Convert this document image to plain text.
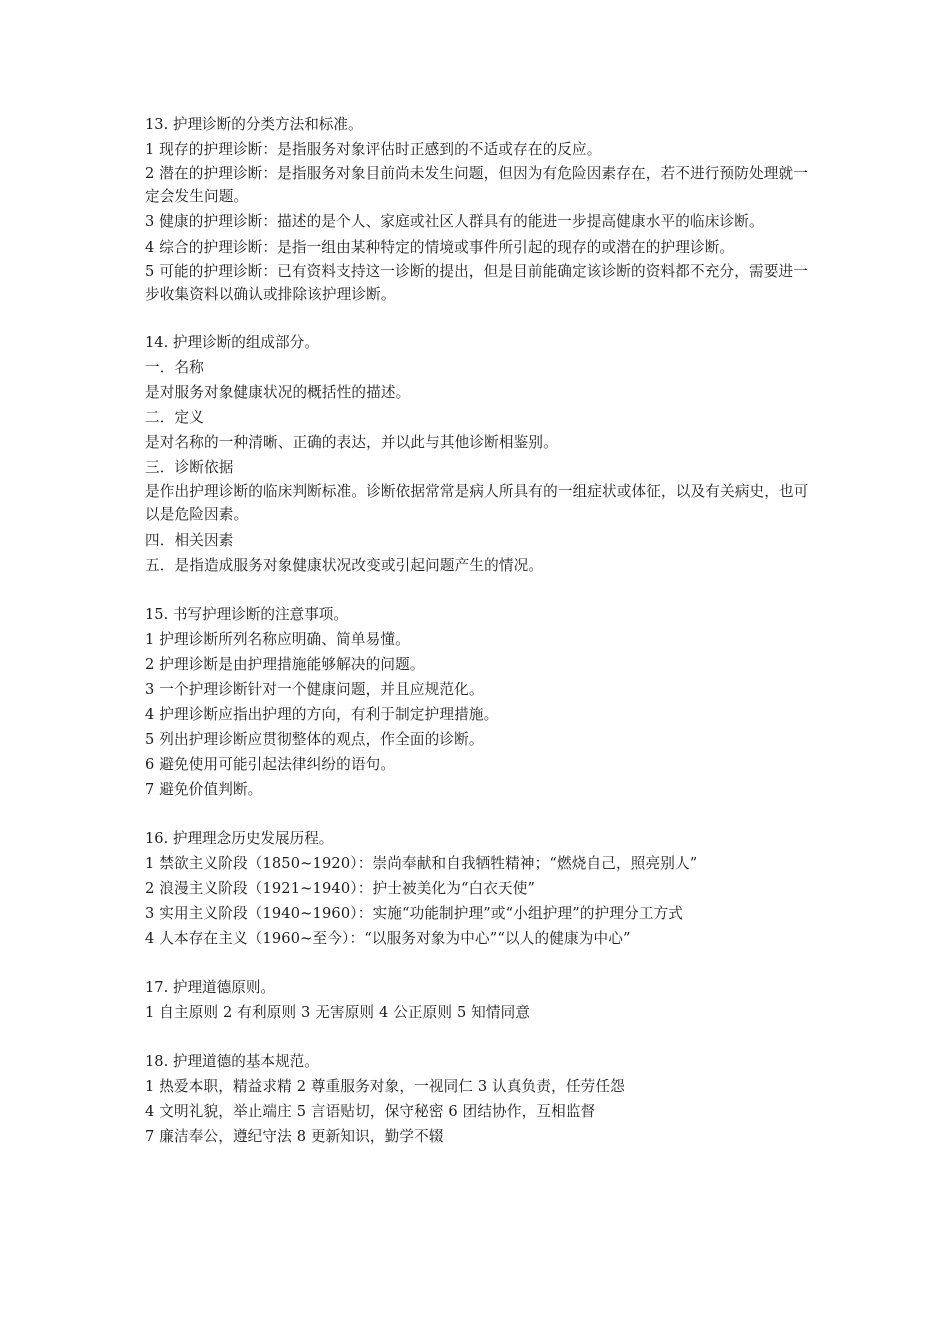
13. 护理诊断的分类方法和标准。
1 现存的护理诊断：是指服务对象评估时正感到的不适或存在的反应。
2 潜在的护理诊断：是指服务对象目前尚未发生问题，但因为有危险因素存在，若不进行预防处理就一定会发生问题。
3 健康的护理诊断：描述的是个人、家庭或社区人群具有的能进一步提高健康水平的临床诊断。
4 综合的护理诊断：是指一组由某种特定的情境或事件所引起的现存的或潜在的护理诊断。
5 可能的护理诊断：已有资料支持这一诊断的提出，但是目前能确定该诊断的资料都不充分，需要进一步收集资料以确认或排除该护理诊断。
14. 护理诊断的组成部分。
一．名称
是对服务对象健康状况的概括性的描述。
二．定义
是对名称的一种清晰、正确的表达，并以此与其他诊断相鉴别。
三．诊断依据
是作出护理诊断的临床判断标准。诊断依据常常是病人所具有的一组症状或体征，以及有关病史，也可以是危险因素。
四．相关因素
五．是指造成服务对象健康状况改变或引起问题产生的情况。
15. 书写护理诊断的注意事项。
1 护理诊断所列名称应明确、简单易懂。
2 护理诊断是由护理措施能够解决的问题。
3 一个护理诊断针对一个健康问题，并且应规范化。
4 护理诊断应指出护理的方向，有利于制定护理措施。
5 列出护理诊断应贯彻整体的观点，作全面的诊断。
6 避免使用可能引起法律纠纷的语句。
7 避免价值判断。
16. 护理理念历史发展历程。
1 禁欲主义阶段（1850~1920）：崇尚奉献和自我牺牲精神；“燃烧自己，照亮别人”
2 浪漫主义阶段（1921~1940）：护士被美化为“白衣天使”
3 实用主义阶段（1940~1960）：实施“功能制护理”或“小组护理”的护理分工方式
4 人本存在主义（1960~至今）：“以服务对象为中心”“以人的健康为中心”
17. 护理道德原则。
1 自主原则 2 有利原则 3 无害原则 4 公正原则 5 知情同意
18. 护理道德的基本规范。
1 热爱本职，精益求精 2 尊重服务对象，一视同仁 3 认真负责，任劳任怨
4 文明礼貌，举止端庄 5 言语贴切，保守秘密 6 团结协作，互相监督
7 廉洁奉公，遵纪守法 8 更新知识，勤学不辍
